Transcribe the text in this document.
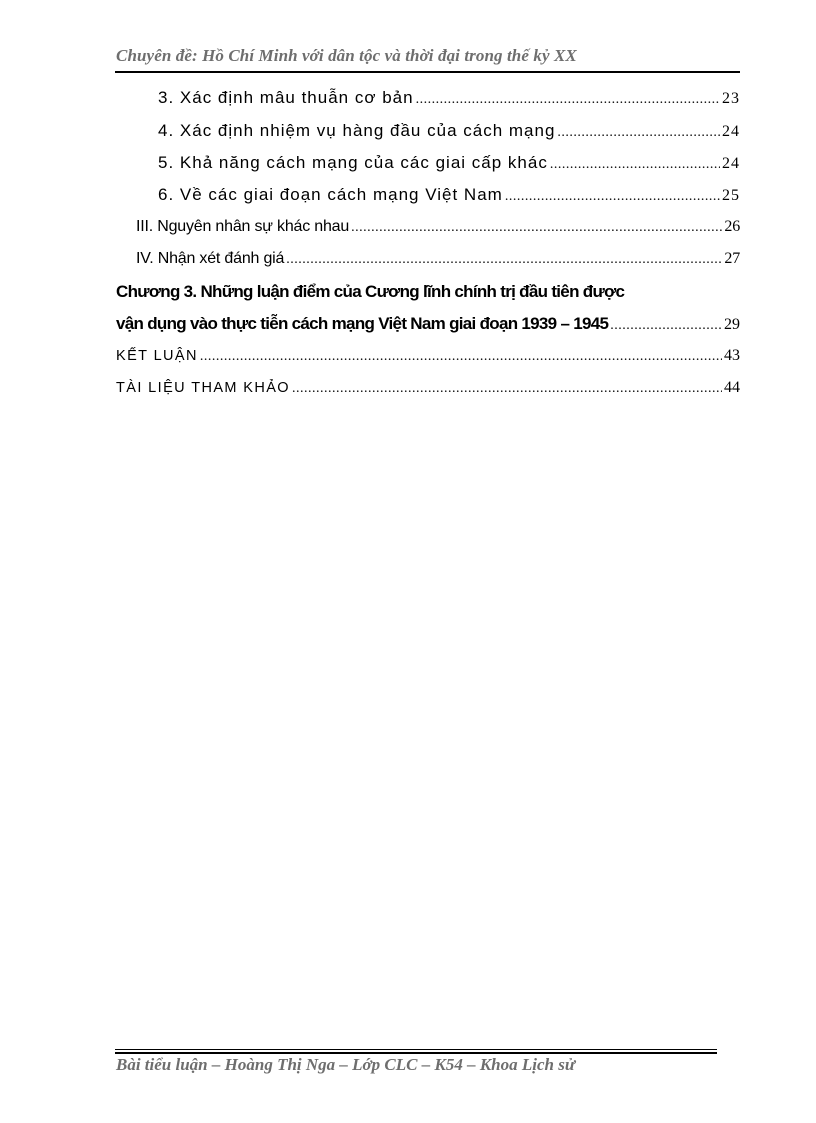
Chuyên đề: Hồ Chí Minh với dân tộc và thời đại trong thế kỷ XX
3. Xác định mâu thuẫn cơ bản .....	23
4. Xác định nhiệm vụ hàng đầu của cách mạng .....	24
5. Khả năng cách mạng của các giai cấp khác .....	24
6. Về các giai đoạn cách mạng Việt Nam .....	25
III. Nguyên nhân sự khác nhau .....	26
IV. Nhận xét đánh giá .....	27
Chương 3. Những luận điểm của Cương lĩnh chính trị đầu tiên được
vận dụng vào thực tiễn cách mạng Việt Nam giai đoạn 1939 – 1945 .....	29
KẾT LUẬN .....	43
TÀI LIỆU THAM KHẢO .....	44
Bài tiểu luận – Hoàng Thị Nga – Lớp CLC – K54 – Khoa Lịch sử
